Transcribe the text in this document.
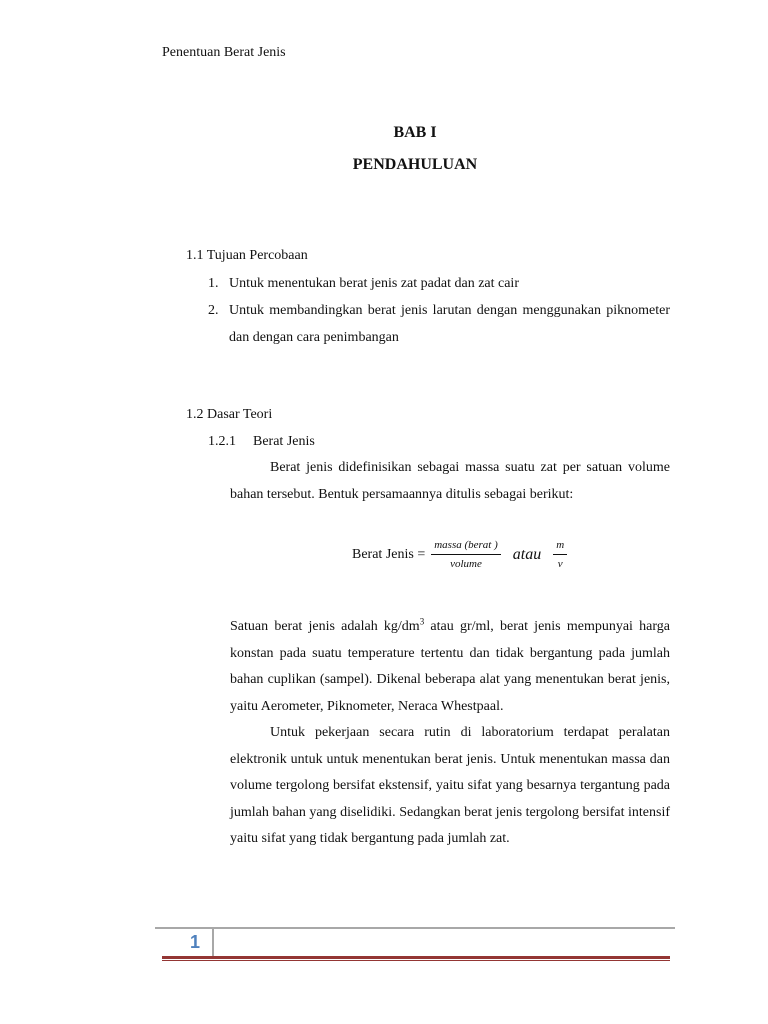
Penentuan Berat Jenis
BAB I
PENDAHULUAN
1.1 Tujuan Percobaan
1. Untuk menentukan berat jenis zat padat dan zat cair
2. Untuk membandingkan berat jenis larutan dengan menggunakan piknometer dan dengan cara penimbangan
1.2 Dasar Teori
1.2.1 Berat Jenis

Berat jenis didefinisikan sebagai massa suatu zat per satuan volume bahan tersebut. Bentuk persamaannya ditulis sebagai berikut:

Berat Jenis = $\frac{\text{massa (berat )}}{\text{volume}}$ atau $\frac{m}{v}$

Satuan berat jenis adalah $kg/dm^3$ atau gr/ml, berat jenis mempunyai harga konstan pada suatu temperature tertentu dan tidak bergantung pada jumlah bahan cuplikan (sampel). Dikenal beberapa alat yang menentukan berat jenis, yaitu Aerometer, Piknometer, Neraca Whestpaal.

Untuk pekerjaan secara rutin di laboratorium terdapat peralatan elektronik untuk untuk menentukan berat jenis. Untuk menentukan massa dan volume tergolong bersifat ekstensif, yaitu sifat yang besarnya tergantung pada jumlah bahan yang diselidiki. Sedangkan berat jenis tergolong bersifat intensif yaitu sifat yang tidak bergantung pada jumlah zat.

1
